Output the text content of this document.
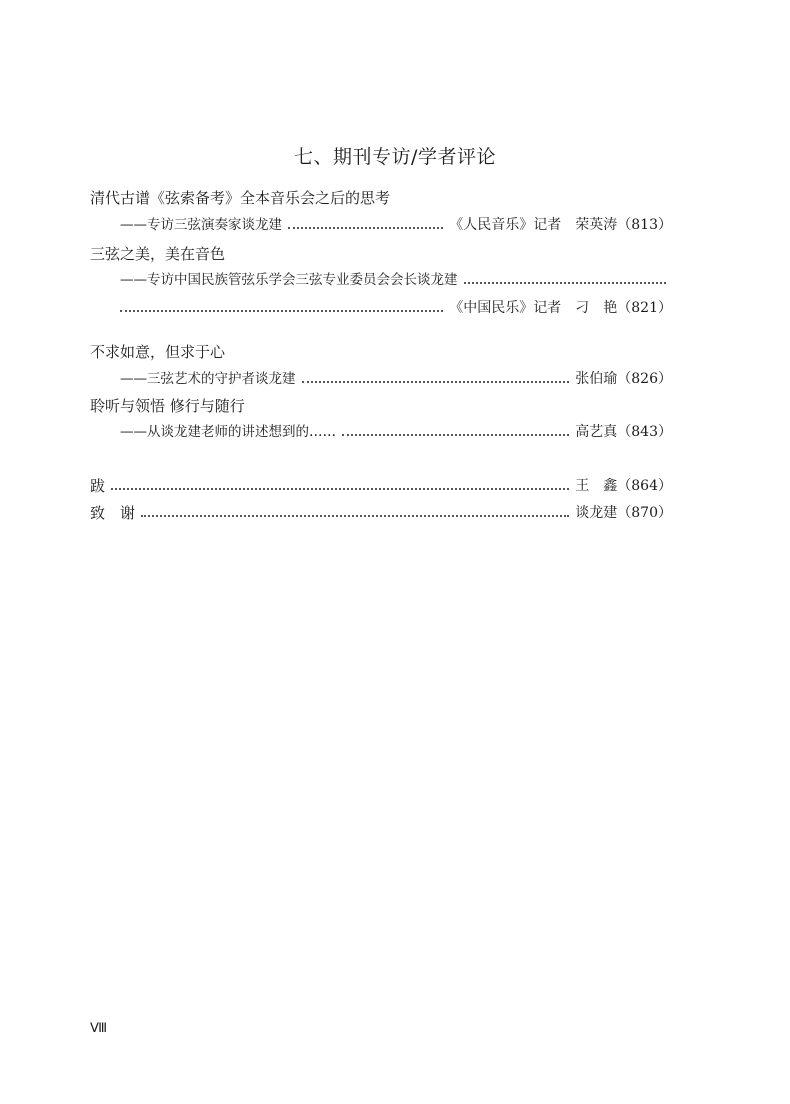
七、期刊专访/学者评论
清代古谱《弦索备考》全本音乐会之后的思考
——专访三弦演奏家谈龙建	《人民音乐》记者　荣英涛（813）
三弦之美，美在音色
——专访中国民族管弦乐学会三弦专业委员会会长谈龙建
《中国民乐》记者　刁　艳（821）
不求如意，但求于心
——三弦艺术的守护者谈龙建	张伯瑜（826）
聆听与领悟 修行与随行
——从谈龙建老师的讲述想到的……	高艺真（843）
跋	王　鑫（864）
致　谢	谈龙建（870）
Ⅷ
